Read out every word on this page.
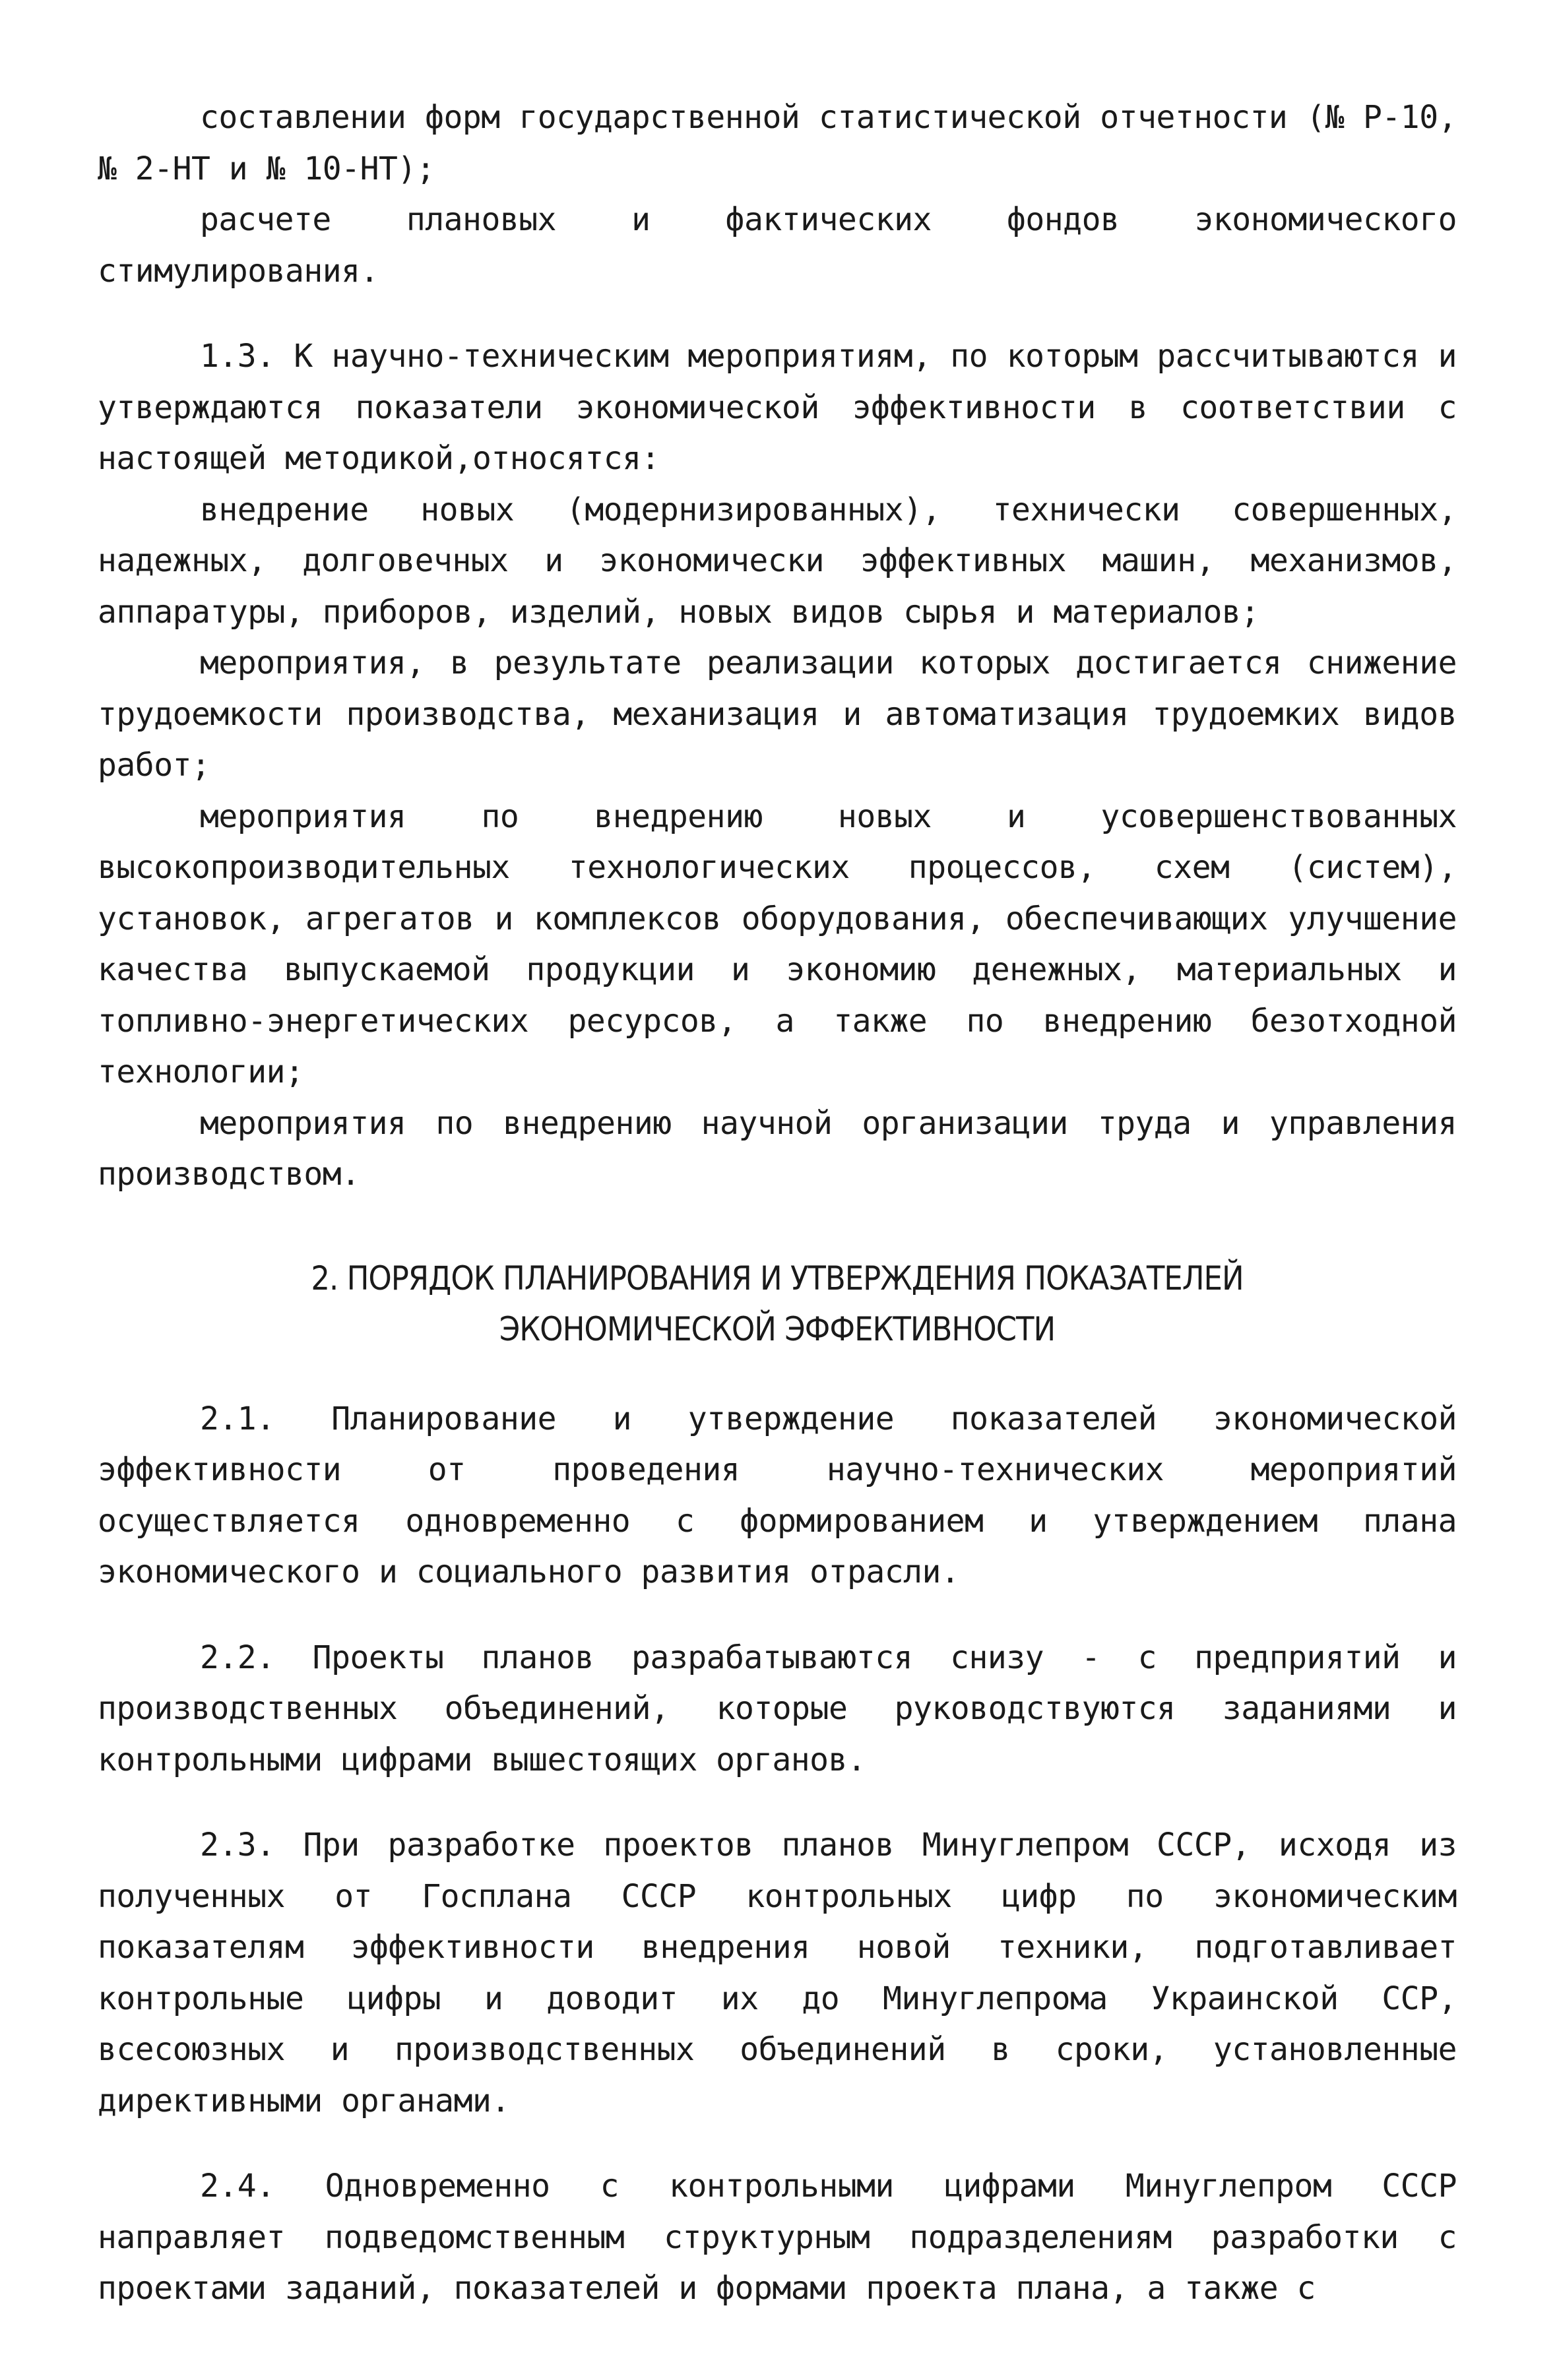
составлении форм государственной статистической отчетности (№ Р-10, № 2-НТ и № 10-НТ);

расчете плановых и фактических фондов экономического стимулирования.

1.3. К научно-техническим мероприятиям, по которым рассчитываются и утверждаются показатели экономической эффективности в соответствии с настоящей методикой,относятся:

внедрение новых (модернизированных), технически совершенных, надежных, долговечных и экономически эффективных машин, механизмов, аппаратуры, приборов, изделий, новых видов сырья и материалов;

мероприятия, в результате реализации которых достигается снижение трудоемкости производства, механизация и автоматизация трудоемких видов работ;

мероприятия по внедрению новых и усовершенствованных высокопроизводительных технологических процессов, схем (систем), установок, агрегатов и комплексов оборудования, обеспечивающих улучшение качества выпускаемой продукции и экономию денежных, материальных и топливно-энергетических ресурсов, а также по внедрению безотходной технологии;

мероприятия по внедрению научной организации труда и управления производством.

2. ПОРЯДОК ПЛАНИРОВАНИЯ И УТВЕРЖДЕНИЯ ПОКАЗАТЕЛЕЙ
ЭКОНОМИЧЕСКОЙ ЭФФЕКТИВНОСТИ

2.1. Планирование и утверждение показателей экономической эффективности от проведения научно-технических мероприятий осуществляется одновременно с формированием и утверждением плана экономического и социального развития отрасли.

2.2. Проекты планов разрабатываются снизу - с предприятий и производственных объединений, которые руководствуются заданиями и контрольными цифрами вышестоящих органов.

2.3. При разработке проектов планов Минуглепром СССР, исходя из полученных от Госплана СССР контрольных цифр по экономическим показателям эффективности внедрения новой техники, подготавливает контрольные цифры и доводит их до Минуглепрома Украинской ССР, всесоюзных и производственных объединений в сроки, установленные директивными органами.

2.4. Одновременно с контрольными цифрами Минуглепром СССР направляет подведомственным структурным подразделениям разработки с проектами заданий, показателей и формами проекта плана, а также с
